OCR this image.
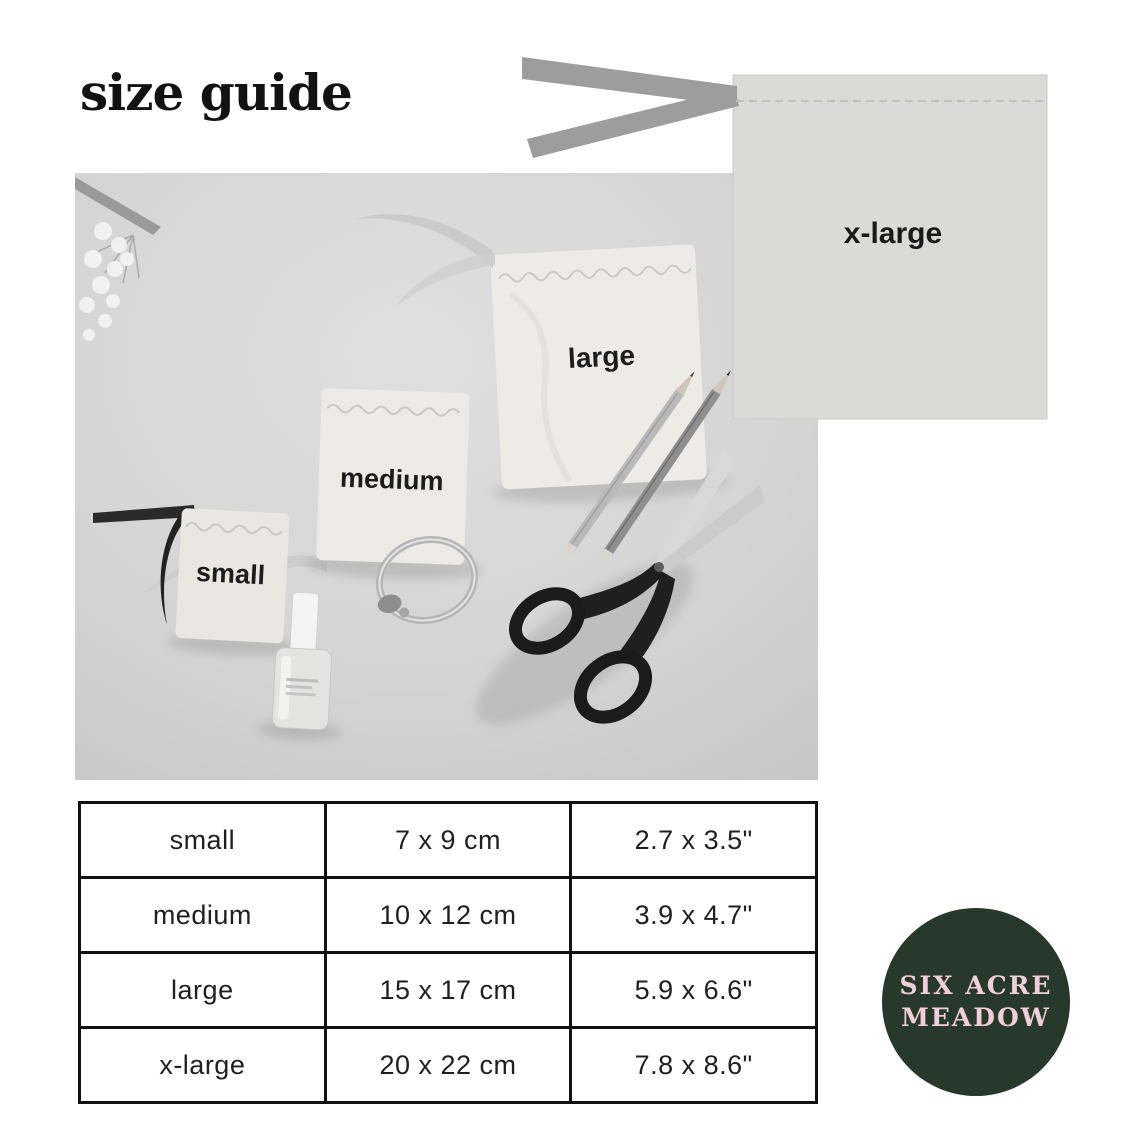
size guide
large
medium
small
x-large
small	7 x 9 cm	2.7 x 3.5"
medium	10 x 12 cm	3.9 x 4.7"
large	15 x 17 cm	5.9 x 6.6"
x-large	20 x 22 cm	7.8 x 8.6"
SIX ACRE
MEADOW
